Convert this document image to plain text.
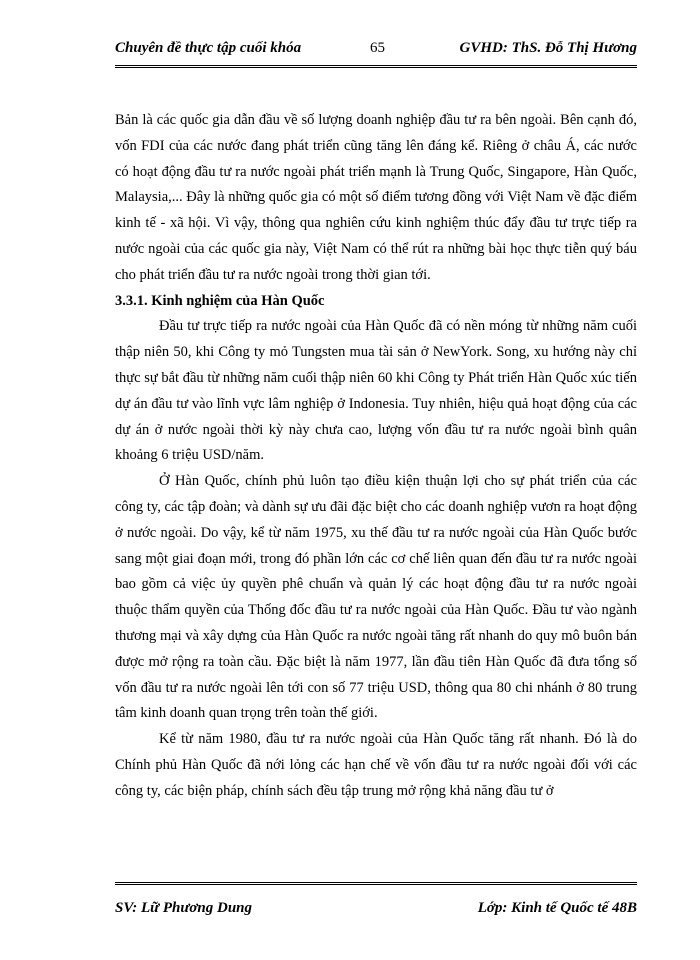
Chuyên đề thực tập cuối khóa	65	GVHD: ThS. Đỗ Thị Hương

Bản là các quốc gia dẫn đầu về số lượng doanh nghiệp đầu tư ra bên ngoài. Bên cạnh đó, vốn FDI của các nước đang phát triển cũng tăng lên đáng kể. Riêng ở châu Á, các nước có hoạt động đầu tư ra nước ngoài phát triển mạnh là Trung Quốc, Singapore, Hàn Quốc, Malaysia,... Đây là những quốc gia có một số điểm tương đồng với Việt Nam về đặc điểm kinh tế - xã hội. Vì vậy, thông qua nghiên cứu kinh nghiệm thúc đẩy đầu tư trực tiếp ra nước ngoài của các quốc gia này, Việt Nam có thể rút ra những bài học thực tiễn quý báu cho phát triển đầu tư ra nước ngoài trong thời gian tới.

3.3.1. Kinh nghiệm của Hàn Quốc

Đầu tư trực tiếp ra nước ngoài của Hàn Quốc đã có nền móng từ những năm cuối thập niên 50, khi Công ty mỏ Tungsten mua tài sản ở NewYork. Song, xu hướng này chỉ thực sự bắt đầu từ những năm cuối thập niên 60 khi Công ty Phát triển Hàn Quốc xúc tiến dự án đầu tư vào lĩnh vực lâm nghiệp ở Indonesia. Tuy nhiên, hiệu quả hoạt động của các dự án ở nước ngoài thời kỳ này chưa cao, lượng vốn đầu tư ra nước ngoài bình quân khoảng 6 triệu USD/năm.

Ở Hàn Quốc, chính phủ luôn tạo điều kiện thuận lợi cho sự phát triển của các công ty, các tập đoàn; và dành sự ưu đãi đặc biệt cho các doanh nghiệp vươn ra hoạt động ở nước ngoài. Do vậy, kể từ năm 1975, xu thế đầu tư ra nước ngoài của Hàn Quốc bước sang một giai đoạn mới, trong đó phần lớn các cơ chế liên quan đến đầu tư ra nước ngoài bao gồm cả việc ủy quyền phê chuẩn và quản lý các hoạt động đầu tư ra nước ngoài thuộc thẩm quyền của Thống đốc đầu tư ra nước ngoài của Hàn Quốc. Đầu tư vào ngành thương mại và xây dựng của Hàn Quốc ra nước ngoài tăng rất nhanh do quy mô buôn bán được mở rộng ra toàn cầu. Đặc biệt là năm 1977, lần đầu tiên Hàn Quốc đã đưa tổng số vốn đầu tư ra nước ngoài lên tới con số 77 triệu USD, thông qua 80 chi nhánh ở 80 trung tâm kinh doanh quan trọng trên toàn thế giới.

Kể từ năm 1980, đầu tư ra nước ngoài của Hàn Quốc tăng rất nhanh. Đó là do Chính phủ Hàn Quốc đã nới lỏng các hạn chế về vốn đầu tư ra nước ngoài đối với các công ty, các biện pháp, chính sách đều tập trung mở rộng khả năng đầu tư ở

SV: Lữ Phương Dung	Lớp: Kinh tế Quốc tế 48B
